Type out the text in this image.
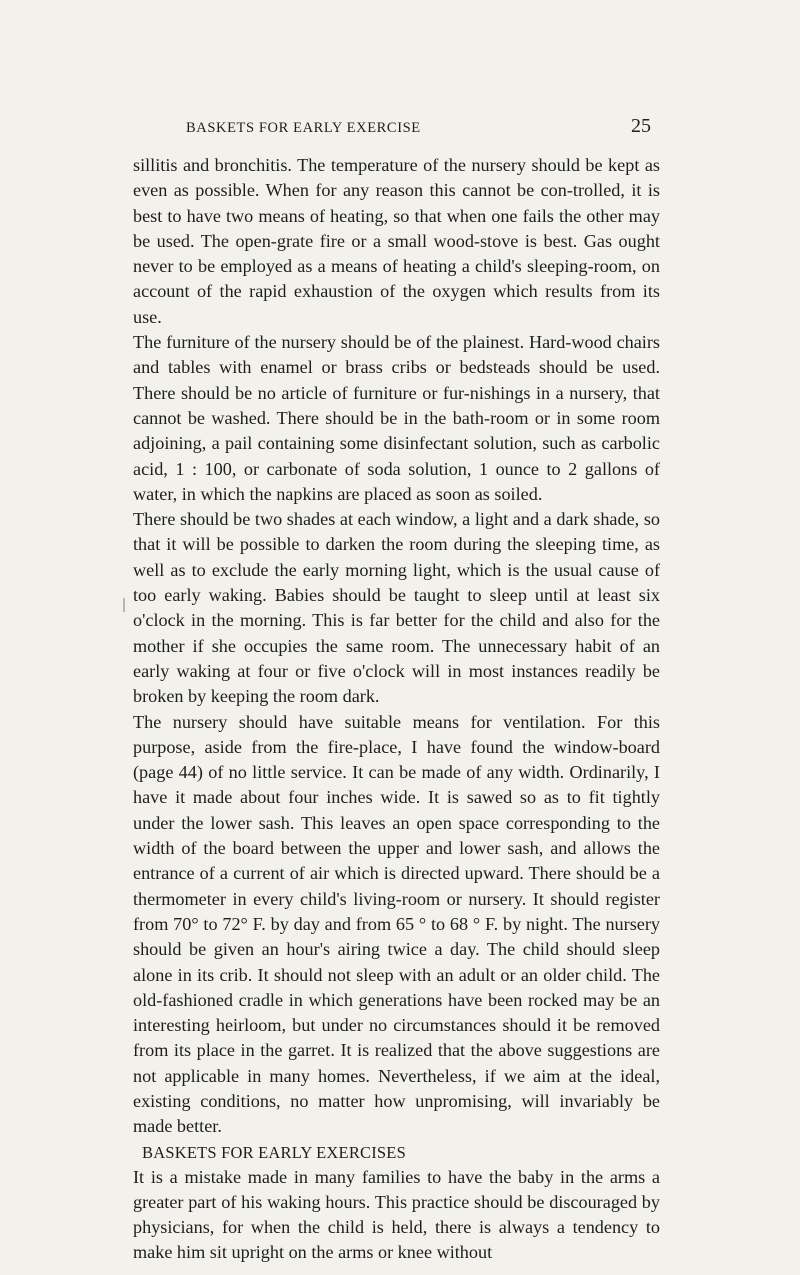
BASKETS FOR EARLY EXERCISE	25

sillitis and bronchitis. The temperature of the nursery should be kept as even as possible. When for any reason this cannot be con-trolled, it is best to have two means of heating, so that when one fails the other may be used. The open-grate fire or a small wood-stove is best. Gas ought never to be employed as a means of heating a child's sleeping-room, on account of the rapid exhaustion of the oxygen which results from its use.

The furniture of the nursery should be of the plainest. Hard-wood chairs and tables with enamel or brass cribs or bedsteads should be used. There should be no article of furniture or fur-nishings in a nursery, that cannot be washed. There should be in the bath-room or in some room adjoining, a pail containing some disinfectant solution, such as carbolic acid, 1 : 100, or carbonate of soda solution, 1 ounce to 2 gallons of water, in which the napkins are placed as soon as soiled.

There should be two shades at each window, a light and a dark shade, so that it will be possible to darken the room during the sleeping time, as well as to exclude the early morning light, which is the usual cause of too early waking. Babies should be taught to sleep until at least six o'clock in the morning. This is far better for the child and also for the mother if she occupies the same room. The unnecessary habit of an early waking at four or five o'clock will in most instances readily be broken by keeping the room dark.

The nursery should have suitable means for ventilation. For this purpose, aside from the fire-place, I have found the window-board (page 44) of no little service. It can be made of any width. Ordinarily, I have it made about four inches wide. It is sawed so as to fit tightly under the lower sash. This leaves an open space corresponding to the width of the board between the upper and lower sash, and allows the entrance of a current of air which is directed upward. There should be a thermometer in every child's living-room or nursery. It should register from 70° to 72° F. by day and from 65 ° to 68 ° F. by night. The nursery should be given an hour's airing twice a day. The child should sleep alone in its crib. It should not sleep with an adult or an older child. The old-fashioned cradle in which generations have been rocked may be an interesting heirloom, but under no circumstances should it be removed from its place in the garret. It is realized that the above suggestions are not applicable in many homes. Nevertheless, if we aim at the ideal, existing conditions, no matter how unpromising, will invariably be made better.

BASKETS FOR EARLY EXERCISES

It is a mistake made in many families to have the baby in the arms a greater part of his waking hours. This practice should be discouraged by physicians, for when the child is held, there is always a tendency to make him sit upright on the arms or knee without
